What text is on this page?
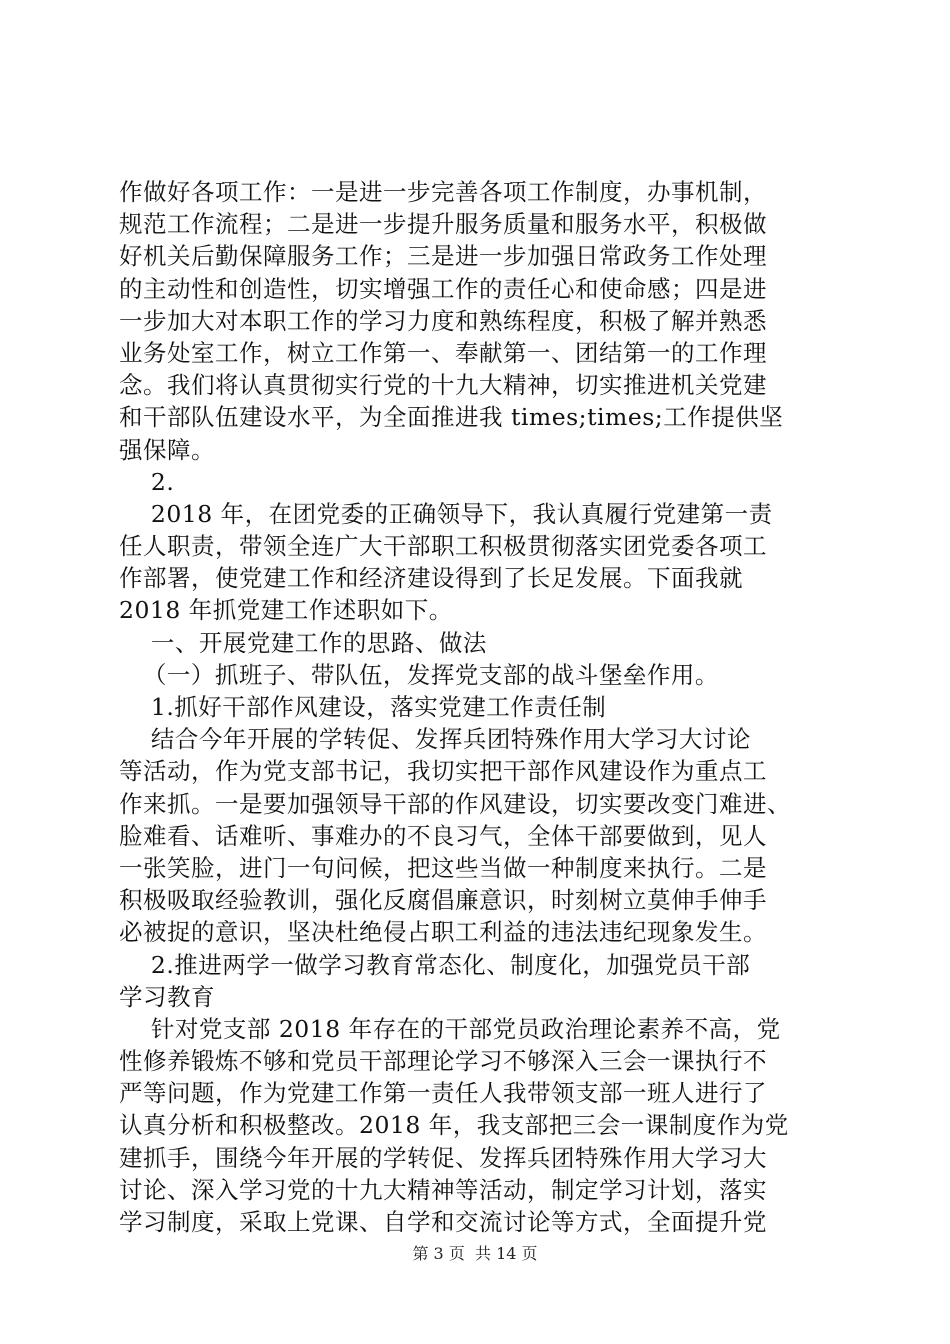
作做好各项工作：一是进一步完善各项工作制度，办事机制，
规范工作流程；二是进一步提升服务质量和服务水平，积极做
好机关后勤保障服务工作；三是进一步加强日常政务工作处理
的主动性和创造性，切实增强工作的责任心和使命感；四是进
一步加大对本职工作的学习力度和熟练程度，积极了解并熟悉
业务处室工作，树立工作第一、奉献第一、团结第一的工作理
念。我们将认真贯彻实行党的十九大精神，切实推进机关党建
和干部队伍建设水平，为全面推进我 times;times;工作提供坚
强保障。
2.
2018 年，在团党委的正确领导下，我认真履行党建第一责
任人职责，带领全连广大干部职工积极贯彻落实团党委各项工
作部署，使党建工作和经济建设得到了长足发展。下面我就
2018 年抓党建工作述职如下。
一、开展党建工作的思路、做法
（一）抓班子、带队伍，发挥党支部的战斗堡垒作用。
1.抓好干部作风建设，落实党建工作责任制
结合今年开展的学转促、发挥兵团特殊作用大学习大讨论
等活动，作为党支部书记，我切实把干部作风建设作为重点工
作来抓。一是要加强领导干部的作风建设，切实要改变门难进、
脸难看、话难听、事难办的不良习气，全体干部要做到，见人
一张笑脸，进门一句问候，把这些当做一种制度来执行。二是
积极吸取经验教训，强化反腐倡廉意识，时刻树立莫伸手伸手
必被捉的意识，坚决杜绝侵占职工利益的违法违纪现象发生。
2.推进两学一做学习教育常态化、制度化，加强党员干部
学习教育
针对党支部 2018 年存在的干部党员政治理论素养不高，党
性修养锻炼不够和党员干部理论学习不够深入三会一课执行不
严等问题，作为党建工作第一责任人我带领支部一班人进行了
认真分析和积极整改。2018 年，我支部把三会一课制度作为党
建抓手，围绕今年开展的学转促、发挥兵团特殊作用大学习大
讨论、深入学习党的十九大精神等活动，制定学习计划，落实
学习制度，采取上党课、自学和交流讨论等方式，全面提升党
第 3 页  共 14 页
